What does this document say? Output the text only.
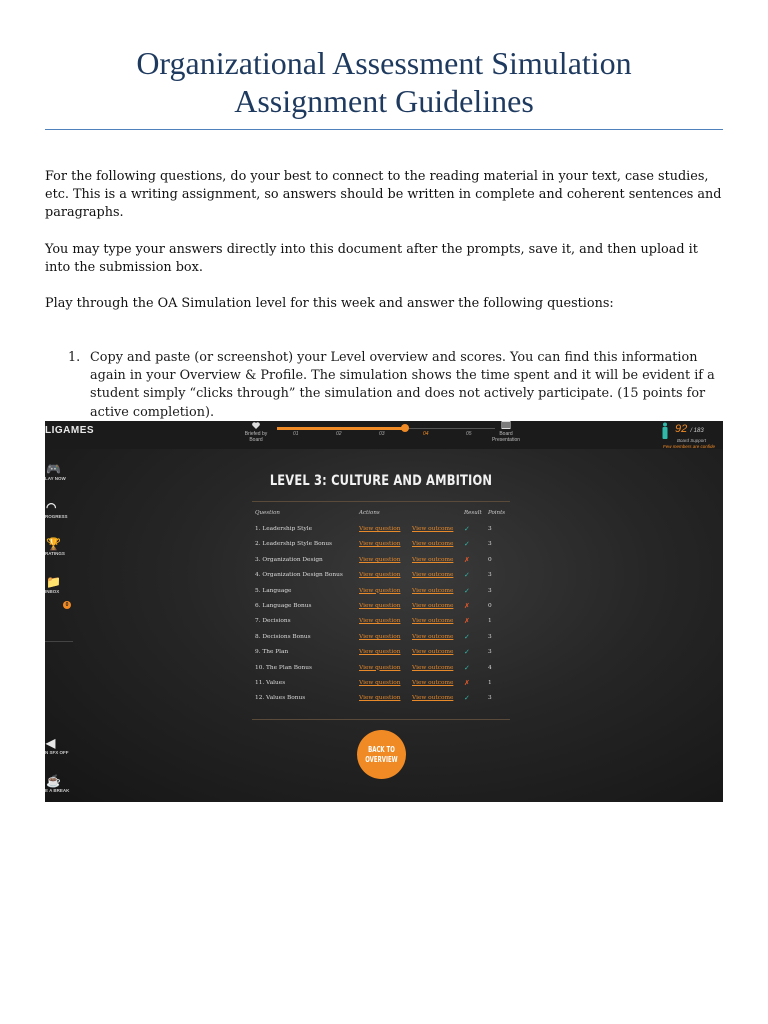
Organizational Assessment Simulation
Assignment Guidelines
For the following questions, do your best to connect to the reading material in your text, case studies, etc. This is a writing assignment, so answers should be written in complete and coherent sentences and paragraphs.
You may type your answers directly into this document after the prompts, save it, and then upload it into the submission box.
Play through the OA Simulation level for this week and answer the following questions:
1. Copy and paste (or screenshot) your Level overview and scores. You can find this information again in your Overview & Profile. The simulation shows the time spent and it will be evident if a student simply “clicks through” the simulation and does not actively participate. (15 points for active completion).
LIGAMES	Briefed by Board
01	02	03	04	05	Board Presentation
92 / 183
Board Support
Few members are confide
🎮
LAY NOW
◠
ROGRESS
🏆
RATINGS
📁
INBOX
0
◀
N SFX OFF
☕
E A BREAK
LEVEL 3: CULTURE AND AMBITION
Question	Actions	Result Points
1. Leadership Style	View question View outcome ✓	3
2. Leadership Style Bonus	View question View outcome ✓	3
3. Organization Design	View question View outcome ✗	0
4. Organization Design Bonus	View question View outcome ✓	3
5. Language	View question View outcome ✓	3
6. Language Bonus	View question View outcome ✗	0
7. Decisions	View question View outcome ✗	1
8. Decisions Bonus	View question View outcome ✓	3
9. The Plan	View question View outcome ✓	3
10. The Plan Bonus	View question View outcome ✓	4
11. Values	View question View outcome ✗	1
12. Values Bonus	View question View outcome ✓	3
BACK TO
OVERVIEW
